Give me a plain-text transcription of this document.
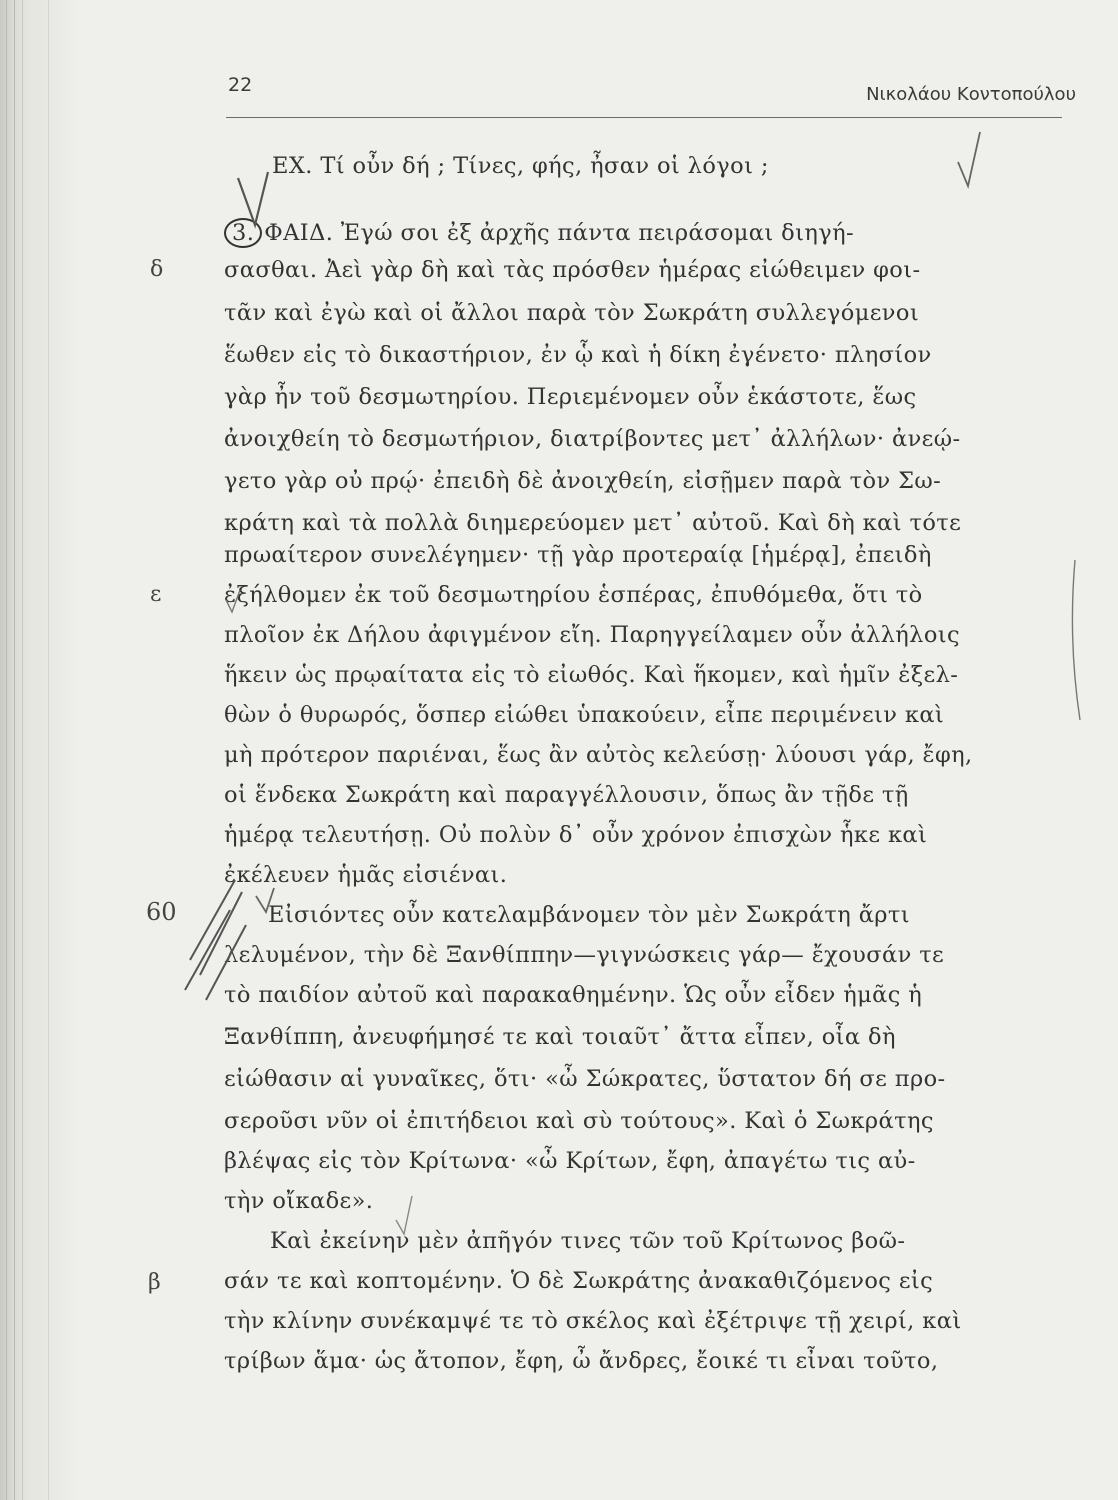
22	Νικολάου Κοντοπούλου
δ
ε
60
β
ΕΧ. Τί οὖν δή ; Τίνες, φής, ἦσαν οἱ λόγοι ;
3. ΦΑΙΔ. Ἐγώ σοι ἐξ ἀρχῆς πάντα πειράσομαι διηγή-
σασθαι. Ἀεὶ γὰρ δὴ καὶ τὰς πρόσθεν ἡμέρας εἰώθειμεν φοι-
τᾶν καὶ ἐγὼ καὶ οἱ ἄλλοι παρὰ τὸν Σωκράτη συλλεγόμενοι
ἕωθεν εἰς τὸ δικαστήριον, ἐν ᾧ καὶ ἡ δίκη ἐγένετο· πλησίον
γὰρ ἦν τοῦ δεσμωτηρίου. Περιεμένομεν οὖν ἑκάστοτε, ἕως
ἀνοιχθείη τὸ δεσμωτήριον, διατρίβοντες μετ᾽ ἀλλήλων· ἀνεῴ-
γετο γὰρ οὐ πρῴ· ἐπειδὴ δὲ ἀνοιχθείη, εἰσῇμεν παρὰ τὸν Σω-
κράτη καὶ τὰ πολλὰ διημερεύομεν μετ᾽ αὐτοῦ. Καὶ δὴ καὶ τότε
πρωαίτερον συνελέγημεν· τῇ γὰρ προτεραίᾳ [ἡμέρᾳ], ἐπειδὴ
ἐξήλθομεν ἐκ τοῦ δεσμωτηρίου ἑσπέρας, ἐπυθόμεθα, ὅτι τὸ
πλοῖον ἐκ Δήλου ἀφιγμένον εἴη. Παρηγγείλαμεν οὖν ἀλλήλοις
ἥκειν ὡς πρῳαίτατα εἰς τὸ εἰωθός. Καὶ ἥκομεν, καὶ ἡμῖν ἐξελ-
θὼν ὁ θυρωρός, ὅσπερ εἰώθει ὑπακούειν, εἶπε περιμένειν καὶ
μὴ πρότερον παριέναι, ἕως ἂν αὐτὸς κελεύσῃ· λύουσι γάρ, ἔφη,
οἱ ἕνδεκα Σωκράτη καὶ παραγγέλλουσιν, ὅπως ἂν τῇδε τῇ
ἡμέρᾳ τελευτήσῃ. Οὐ πολὺν δ᾽ οὖν χρόνον ἐπισχὼν ἧκε καὶ
ἐκέλευεν ἡμᾶς εἰσιέναι.
Εἰσιόντες οὖν κατελαμβάνομεν τὸν μὲν Σωκράτη ἄρτι
λελυμένον, τὴν δὲ Ξανθίππην—γιγνώσκεις γάρ— ἔχουσάν τε
τὸ παιδίον αὐτοῦ καὶ παρακαθημένην. Ὡς οὖν εἶδεν ἡμᾶς ἡ
Ξανθίππη, ἀνευφήμησέ τε καὶ τοιαῦτ᾽ ἄττα εἶπεν, οἷα δὴ
εἰώθασιν αἱ γυναῖκες, ὅτι· «ὦ Σώκρατες, ὕστατον δή σε προ-
σεροῦσι νῦν οἱ ἐπιτήδειοι καὶ σὺ τούτους». Καὶ ὁ Σωκράτης
βλέψας εἰς τὸν Κρίτωνα· «ὦ Κρίτων, ἔφη, ἀπαγέτω τις αὐ-
τὴν οἴκαδε».
Καὶ ἐκείνην μὲν ἀπῆγόν τινες τῶν τοῦ Κρίτωνος βοῶ-
σάν τε καὶ κοπτομένην. Ὁ δὲ Σωκράτης ἀνακαθιζόμενος εἰς
τὴν κλίνην συνέκαμψέ τε τὸ σκέλος καὶ ἐξέτριψε τῇ χειρί, καὶ
τρίβων ἅμα· ὡς ἄτοπον, ἔφη, ὦ ἄνδρες, ἔοικέ τι εἶναι τοῦτο,
